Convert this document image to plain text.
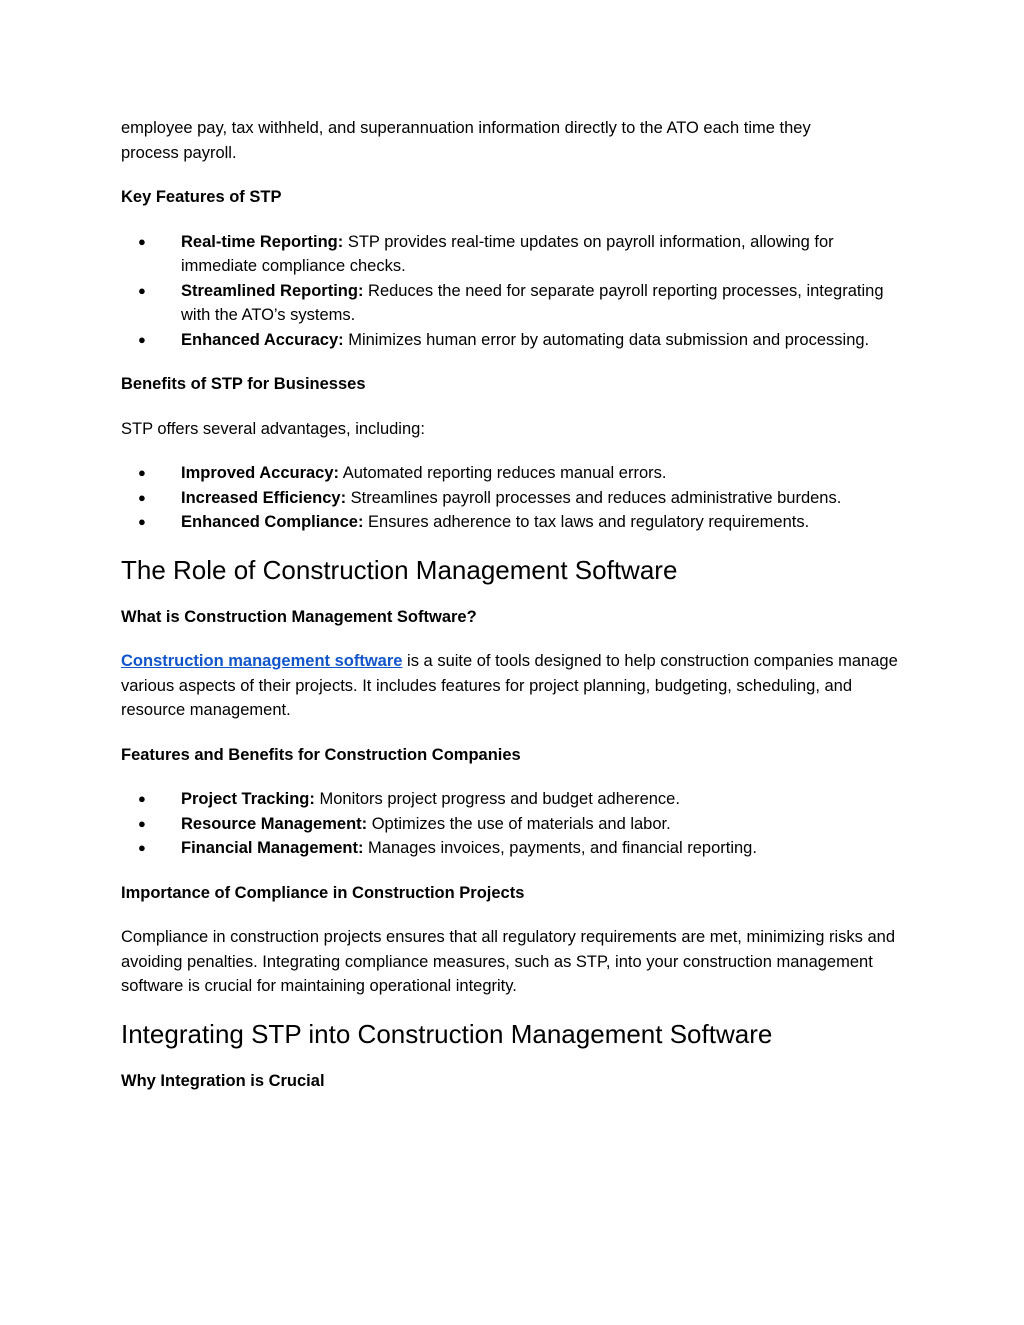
employee pay, tax withheld, and superannuation information directly to the ATO each time they
process payroll.

Key Features of STP
● Real-time Reporting: STP provides real-time updates on payroll information, allowing for immediate compliance checks.
● Streamlined Reporting: Reduces the need for separate payroll reporting processes, integrating with the ATO’s systems.
● Enhanced Accuracy: Minimizes human error by automating data submission and processing.
Benefits of STP for Businesses

STP offers several advantages, including:

● Improved Accuracy: Automated reporting reduces manual errors.
● Increased Efficiency: Streamlines payroll processes and reduces administrative burdens.
● Enhanced Compliance: Ensures adherence to tax laws and regulatory requirements.
The Role of Construction Management Software
What is Construction Management Software?

Construction management software is a suite of tools designed to help construction companies manage various aspects of their projects. It includes features for project planning, budgeting, scheduling, and resource management.

Features and Benefits for Construction Companies
● Project Tracking: Monitors project progress and budget adherence.
● Resource Management: Optimizes the use of materials and labor.
● Financial Management: Manages invoices, payments, and financial reporting.
Importance of Compliance in Construction Projects

Compliance in construction projects ensures that all regulatory requirements are met, minimizing risks and avoiding penalties. Integrating compliance measures, such as STP, into your construction management software is crucial for maintaining operational integrity.

Integrating STP into Construction Management Software
Why Integration is Crucial
